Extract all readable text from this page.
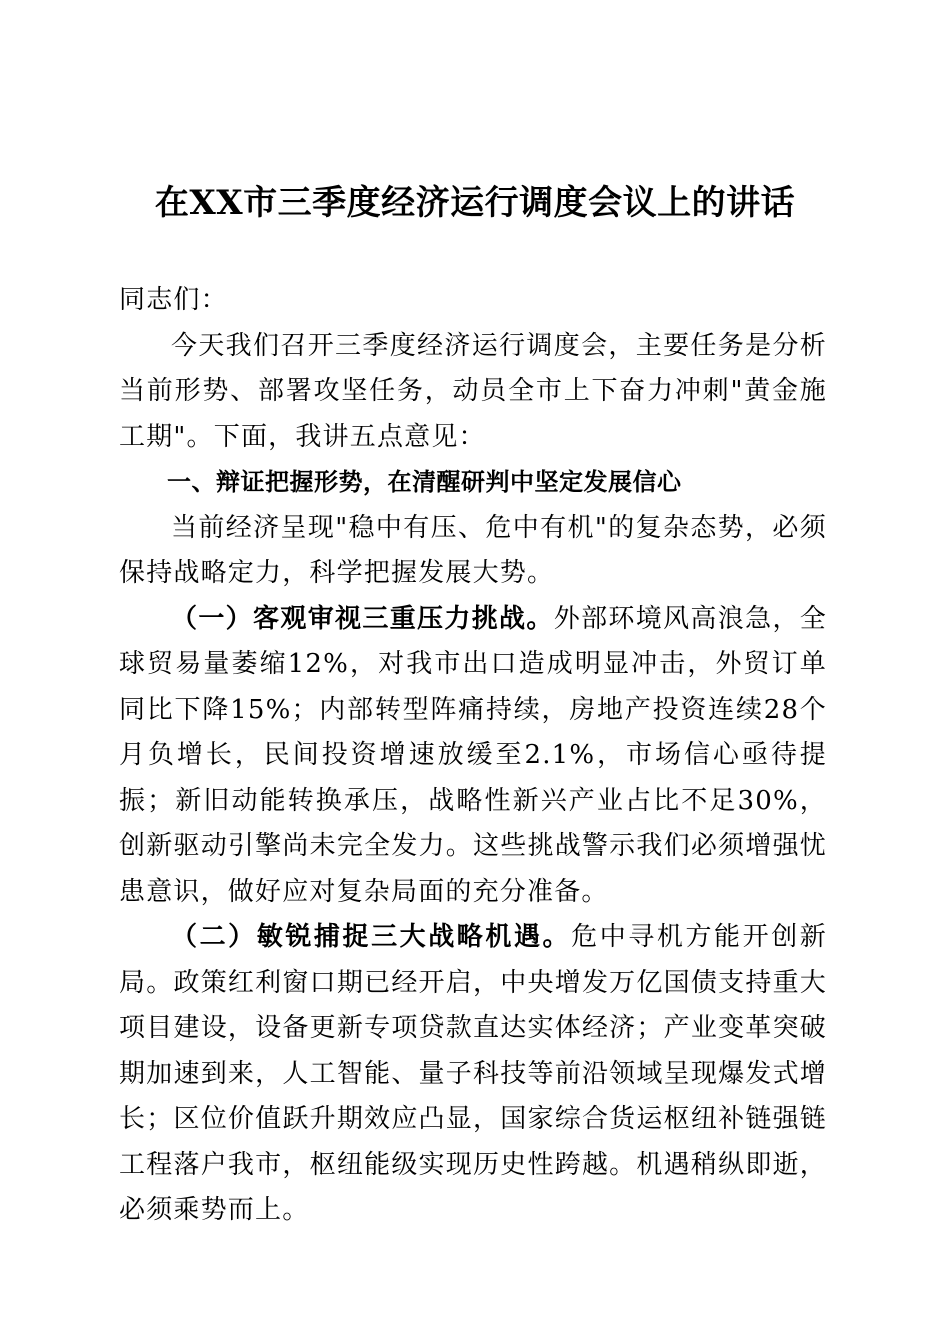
在XX市三季度经济运行调度会议上的讲话

同志们：

今天我们召开三季度经济运行调度会，主要任务是分析当前形势、部署攻坚任务，动员全市上下奋力冲刺"黄金施工期"。下面，我讲五点意见：

一、辩证把握形势，在清醒研判中坚定发展信心

当前经济呈现"稳中有压、危中有机"的复杂态势，必须保持战略定力，科学把握发展大势。

（一）客观审视三重压力挑战。外部环境风高浪急，全球贸易量萎缩12%，对我市出口造成明显冲击，外贸订单同比下降15%；内部转型阵痛持续，房地产投资连续28个月负增长，民间投资增速放缓至2.1%，市场信心亟待提振；新旧动能转换承压，战略性新兴产业占比不足30%，创新驱动引擎尚未完全发力。这些挑战警示我们必须增强忧患意识，做好应对复杂局面的充分准备。

（二）敏锐捕捉三大战略机遇。危中寻机方能开创新局。政策红利窗口期已经开启，中央增发万亿国债支持重大项目建设，设备更新专项贷款直达实体经济；产业变革突破期加速到来，人工智能、量子科技等前沿领域呈现爆发式增长；区位价值跃升期效应凸显，国家综合货运枢纽补链强链工程落户我市，枢纽能级实现历史性跨越。机遇稍纵即逝，必须乘势而上。
